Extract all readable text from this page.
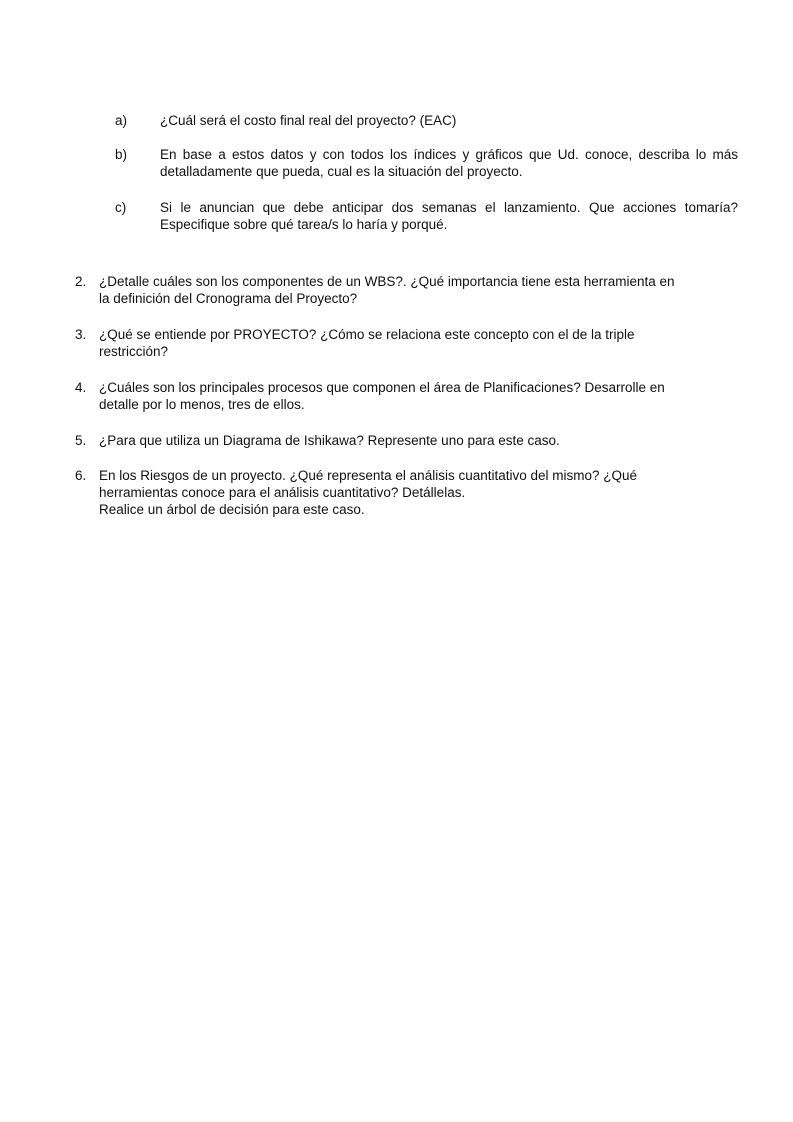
a)	¿Cuál será el costo final real del proyecto? (EAC)
b)	En base a estos datos y con todos los índices y gráficos que Ud. conoce, describa lo más
detalladamente que pueda, cual es la situación del proyecto.
c)	Si le anuncian que debe anticipar dos semanas el lanzamiento. Que acciones tomaría?
Especifique sobre qué tarea/s lo haría y porqué.
2. ¿Detalle cuáles son los componentes de un WBS?. ¿Qué importancia tiene esta herramienta en
la definición del Cronograma del Proyecto?
3. ¿Qué se entiende por PROYECTO? ¿Cómo se relaciona este concepto con el de la triple
restricción?
4. ¿Cuáles son los principales procesos que componen el área de Planificaciones? Desarrolle en
detalle por lo menos, tres de ellos.
5. ¿Para que utiliza un Diagrama de Ishikawa? Represente uno para este caso.
6. En los Riesgos de un proyecto. ¿Qué representa el análisis cuantitativo del mismo? ¿Qué
herramientas conoce para el análisis cuantitativo? Detállelas.
Realice un árbol de decisión para este caso.
